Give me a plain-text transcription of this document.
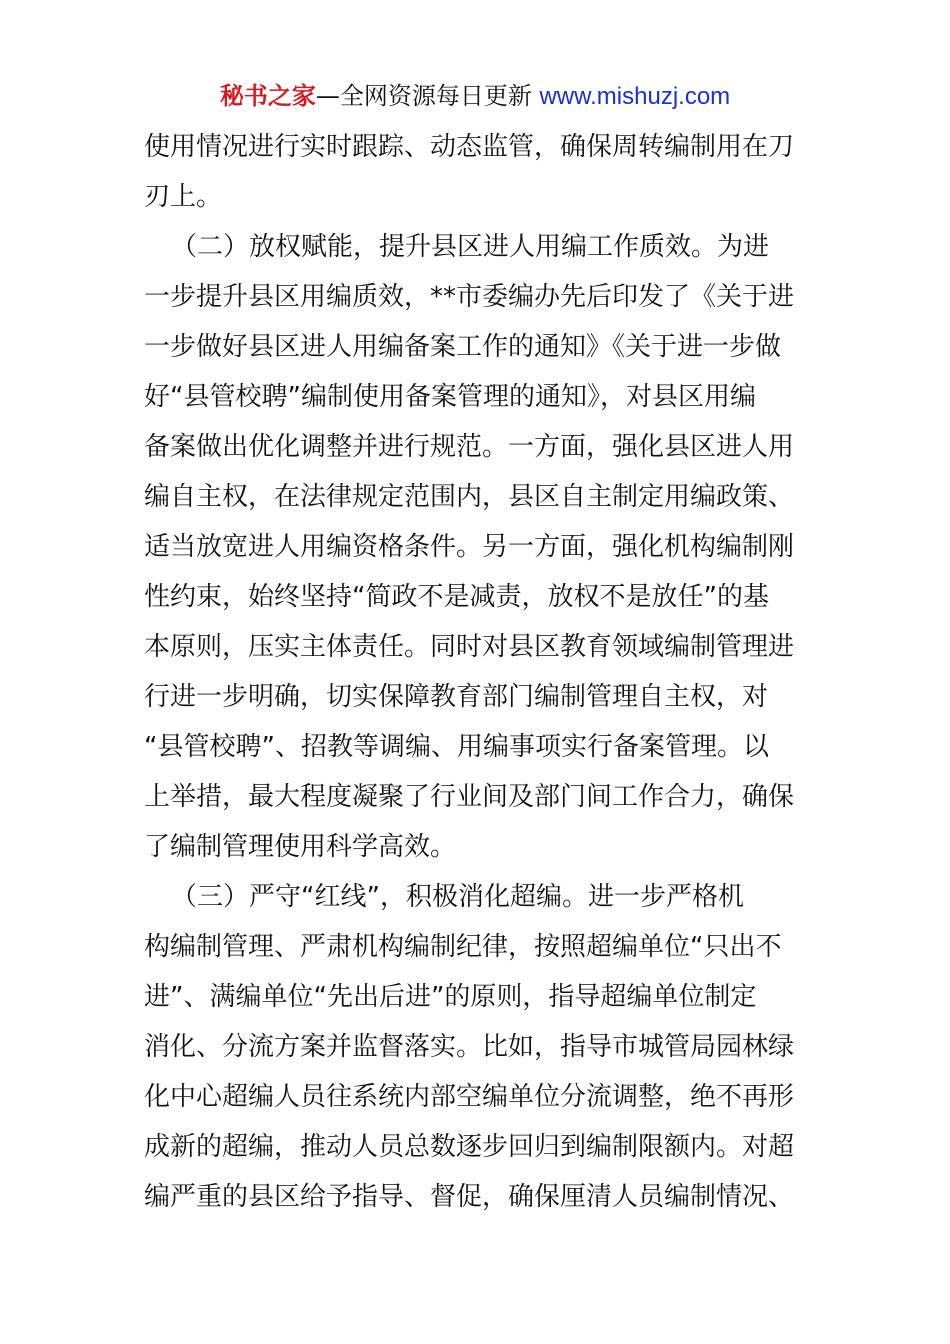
秘书之家—全网资源每日更新 www.mishuzj.com
使用情况进行实时跟踪、动态监管，确保周转编制用在刀
刃上。
（二）放权赋能，提升县区进人用编工作质效。为进
一步提升县区用编质效，**市委编办先后印发了《关于进
一步做好县区进人用编备案工作的通知》《关于进一步做
好“县管校聘”编制使用备案管理的通知》，对县区用编
备案做出优化调整并进行规范。一方面，强化县区进人用
编自主权，在法律规定范围内，县区自主制定用编政策、
适当放宽进人用编资格条件。另一方面，强化机构编制刚
性约束，始终坚持“简政不是减责，放权不是放任”的基
本原则，压实主体责任。同时对县区教育领域编制管理进
行进一步明确，切实保障教育部门编制管理自主权，对
“县管校聘”、招教等调编、用编事项实行备案管理。以
上举措，最大程度凝聚了行业间及部门间工作合力，确保
了编制管理使用科学高效。
（三）严守“红线”，积极消化超编。进一步严格机
构编制管理、严肃机构编制纪律，按照超编单位“只出不
进”、满编单位“先出后进”的原则，指导超编单位制定
消化、分流方案并监督落实。比如，指导市城管局园林绿
化中心超编人员往系统内部空编单位分流调整，绝不再形
成新的超编，推动人员总数逐步回归到编制限额内。对超
编严重的县区给予指导、督促，确保厘清人员编制情况、
